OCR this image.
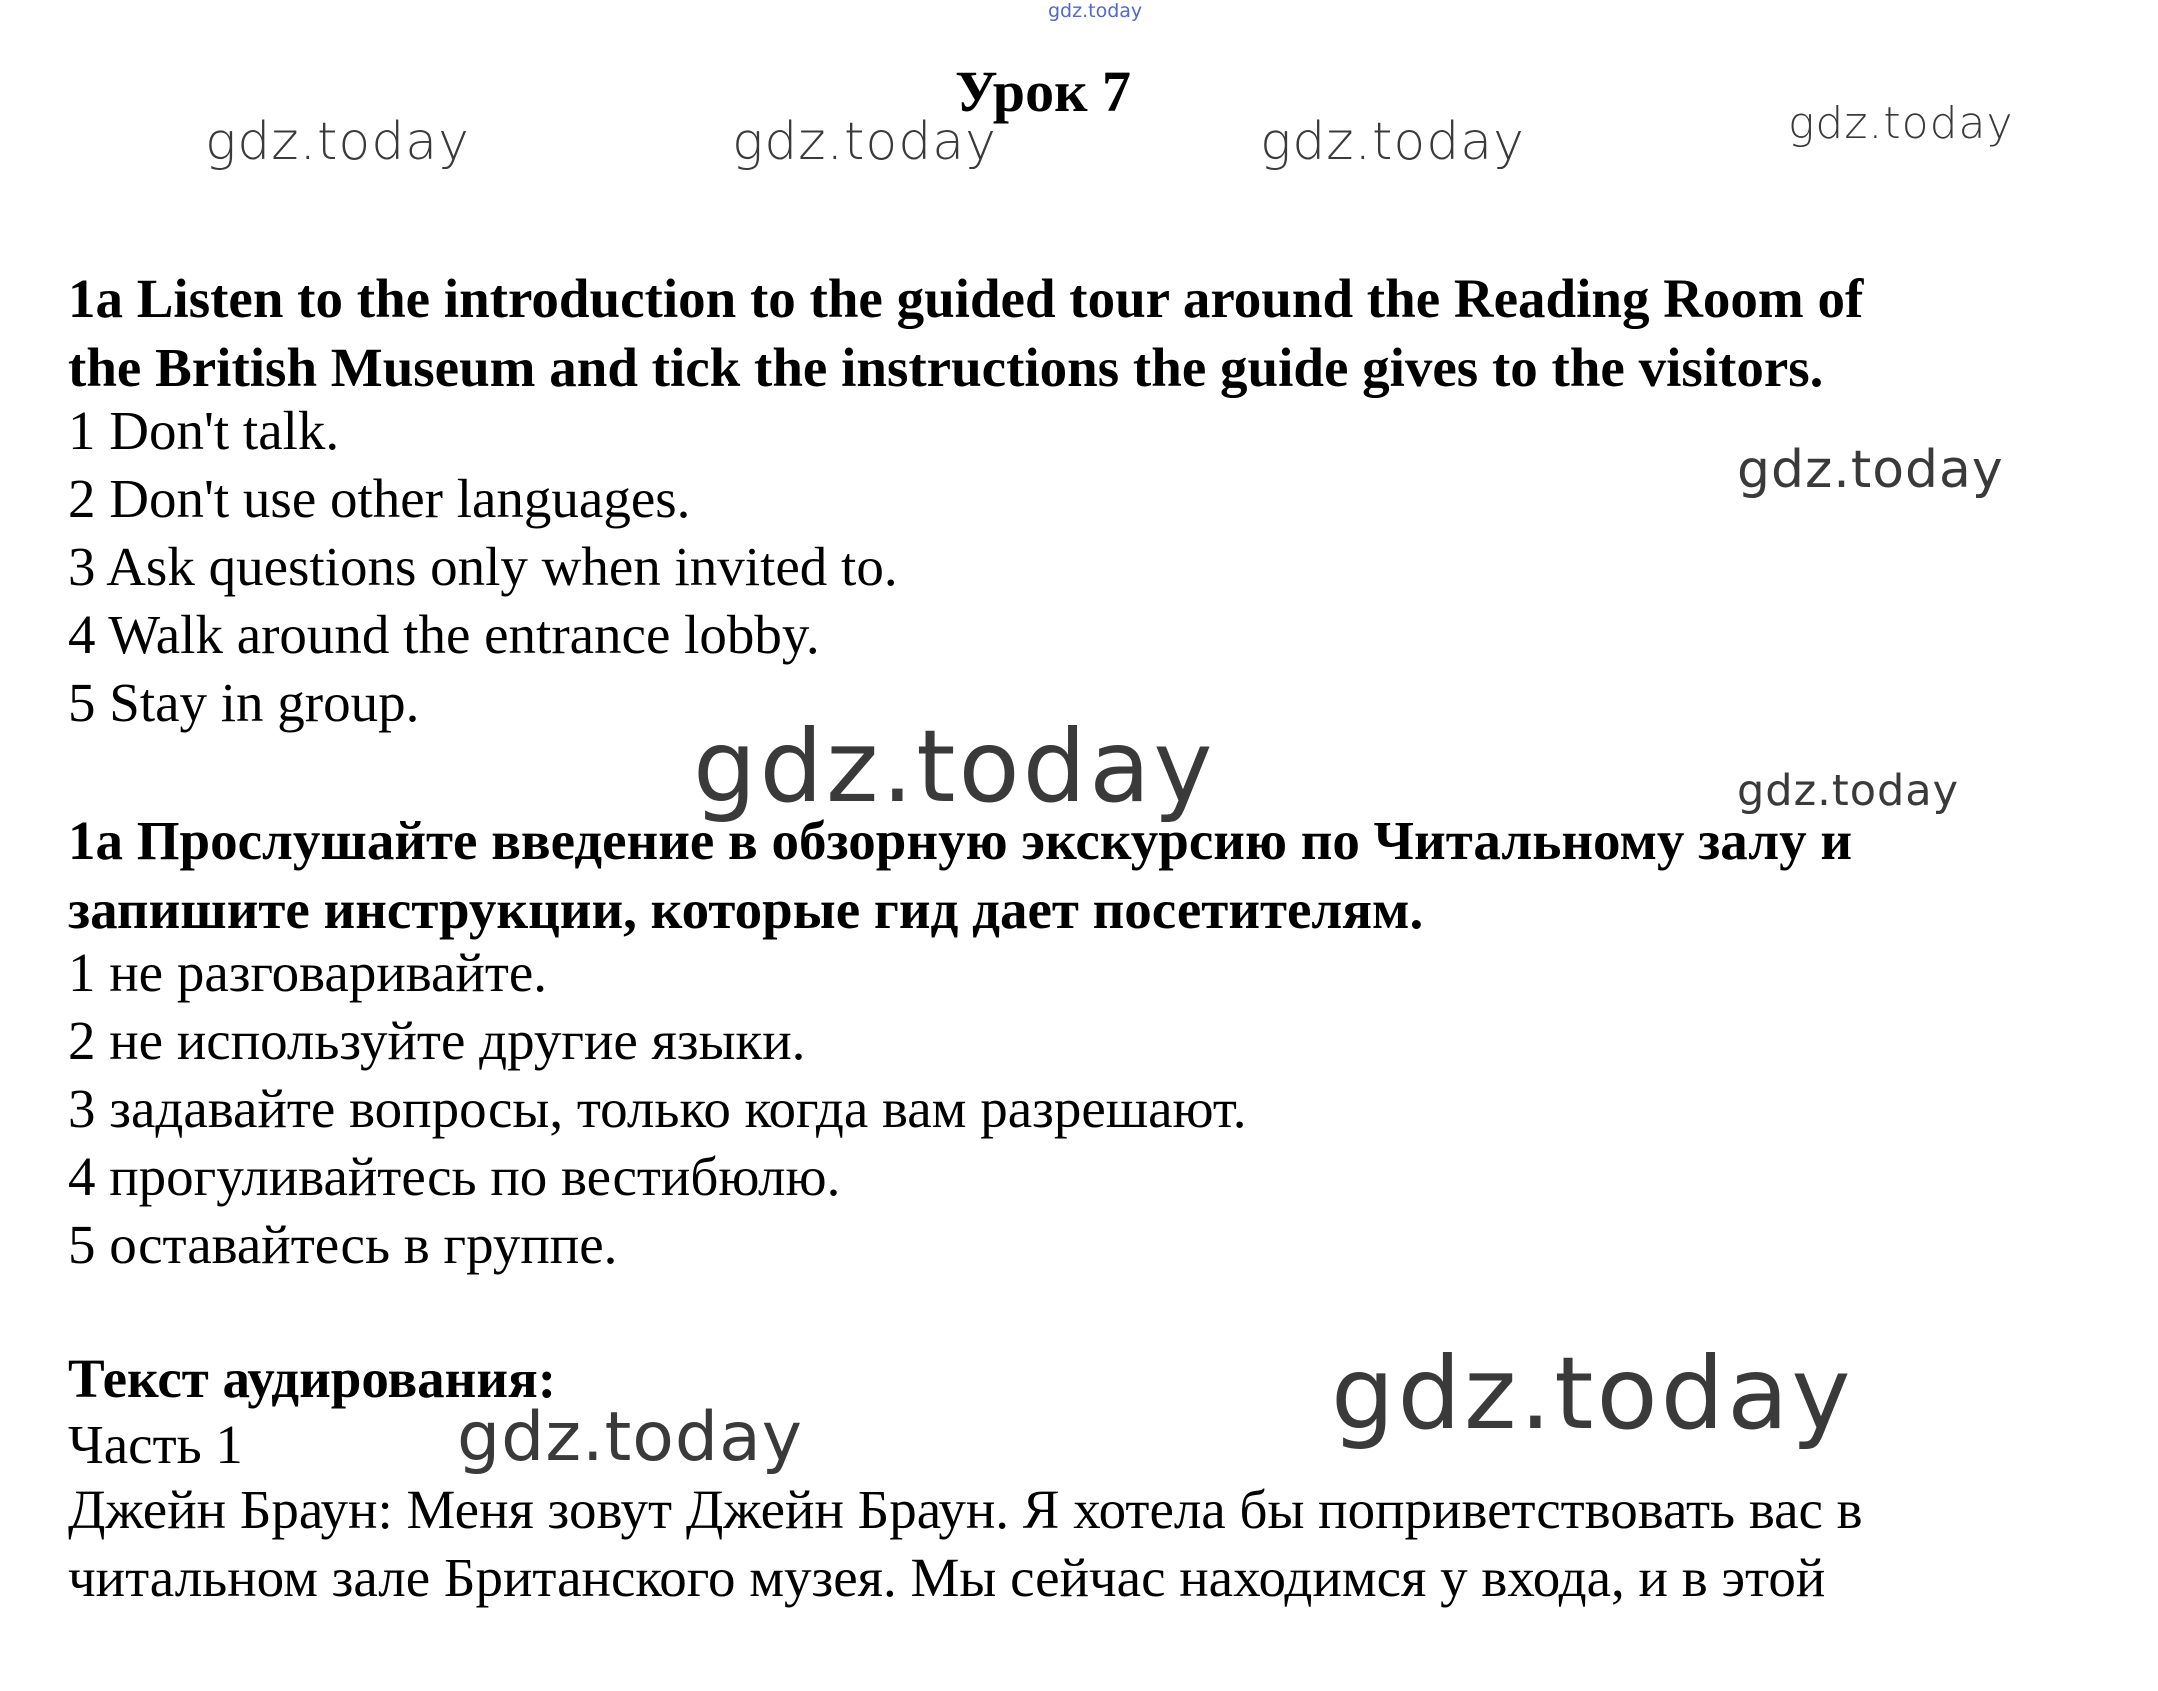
gdz.today
Урок 7
gdz.today	gdz.today	gdz.today	gdz.today
1a Listen to the introduction to the guided tour around the Reading Room of
the British Museum and tick the instructions the guide gives to the visitors.
1 Don't talk.
2 Don't use other languages.
3 Ask questions only when invited to.
4 Walk around the entrance lobby.
5 Stay in group.
gdz.today
gdz.today	gdz.today
1a Прослушайте введение в обзорную экскурсию по Читальному залу и
запишите инструкции, которые гид дает посетителям.
1 не разговаривайте.
2 не используйте другие языки.
3 задавайте вопросы, только когда вам разрешают.
4 прогуливайтесь по вестибюлю.
5 оставайтесь в группе.
Текст аудирования:
Часть 1	gdz.today	gdz.today
Джейн Браун: Меня зовут Джейн Браун. Я хотела бы поприветствовать вас в
читальном зале Британского музея. Мы сейчас находимся у входа, и в этой
